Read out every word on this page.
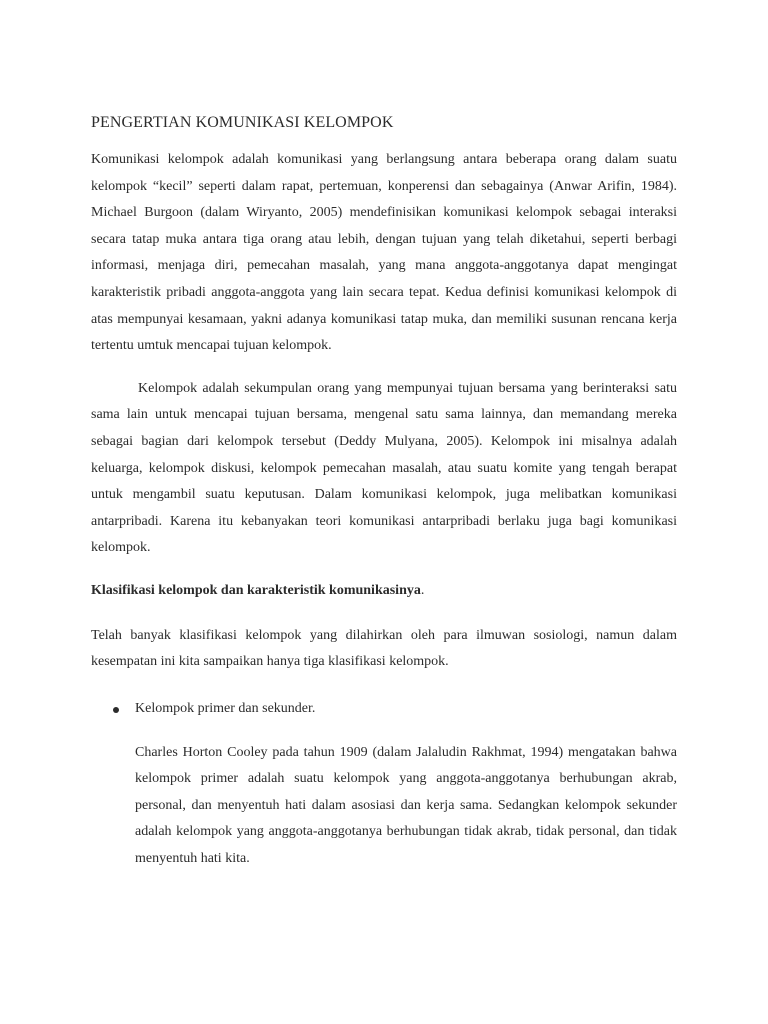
PENGERTIAN KOMUNIKASI KELOMPOK

Komunikasi kelompok adalah komunikasi yang berlangsung antara beberapa orang dalam suatu kelompok “kecil” seperti dalam rapat, pertemuan, konperensi dan sebagainya (Anwar Arifin, 1984). Michael Burgoon (dalam Wiryanto, 2005) mendefinisikan komunikasi kelompok sebagai interaksi secara tatap muka antara tiga orang atau lebih, dengan tujuan yang telah diketahui, seperti berbagi informasi, menjaga diri, pemecahan masalah, yang mana anggota-anggotanya dapat mengingat karakteristik pribadi anggota-anggota yang lain secara tepat. Kedua definisi komunikasi kelompok di atas mempunyai kesamaan, yakni adanya komunikasi tatap muka, dan memiliki susunan rencana kerja tertentu umtuk mencapai tujuan kelompok.

Kelompok adalah sekumpulan orang yang mempunyai tujuan bersama yang berinteraksi satu sama lain untuk mencapai tujuan bersama, mengenal satu sama lainnya, dan memandang mereka sebagai bagian dari kelompok tersebut (Deddy Mulyana, 2005). Kelompok ini misalnya adalah keluarga, kelompok diskusi, kelompok pemecahan masalah, atau suatu komite yang tengah berapat untuk mengambil suatu keputusan. Dalam komunikasi kelompok, juga melibatkan komunikasi antarpribadi. Karena itu kebanyakan teori komunikasi antarpribadi berlaku juga bagi komunikasi kelompok.

Klasifikasi kelompok dan karakteristik komunikasinya.

Telah banyak klasifikasi kelompok yang dilahirkan oleh para ilmuwan sosiologi, namun dalam kesempatan ini kita sampaikan hanya tiga klasifikasi kelompok.

Kelompok primer dan sekunder.

Charles Horton Cooley pada tahun 1909 (dalam Jalaludin Rakhmat, 1994) mengatakan bahwa kelompok primer adalah suatu kelompok yang anggota-anggotanya berhubungan akrab, personal, dan menyentuh hati dalam asosiasi dan kerja sama. Sedangkan kelompok sekunder adalah kelompok yang anggota-anggotanya berhubungan tidak akrab, tidak personal, dan tidak menyentuh hati kita.
